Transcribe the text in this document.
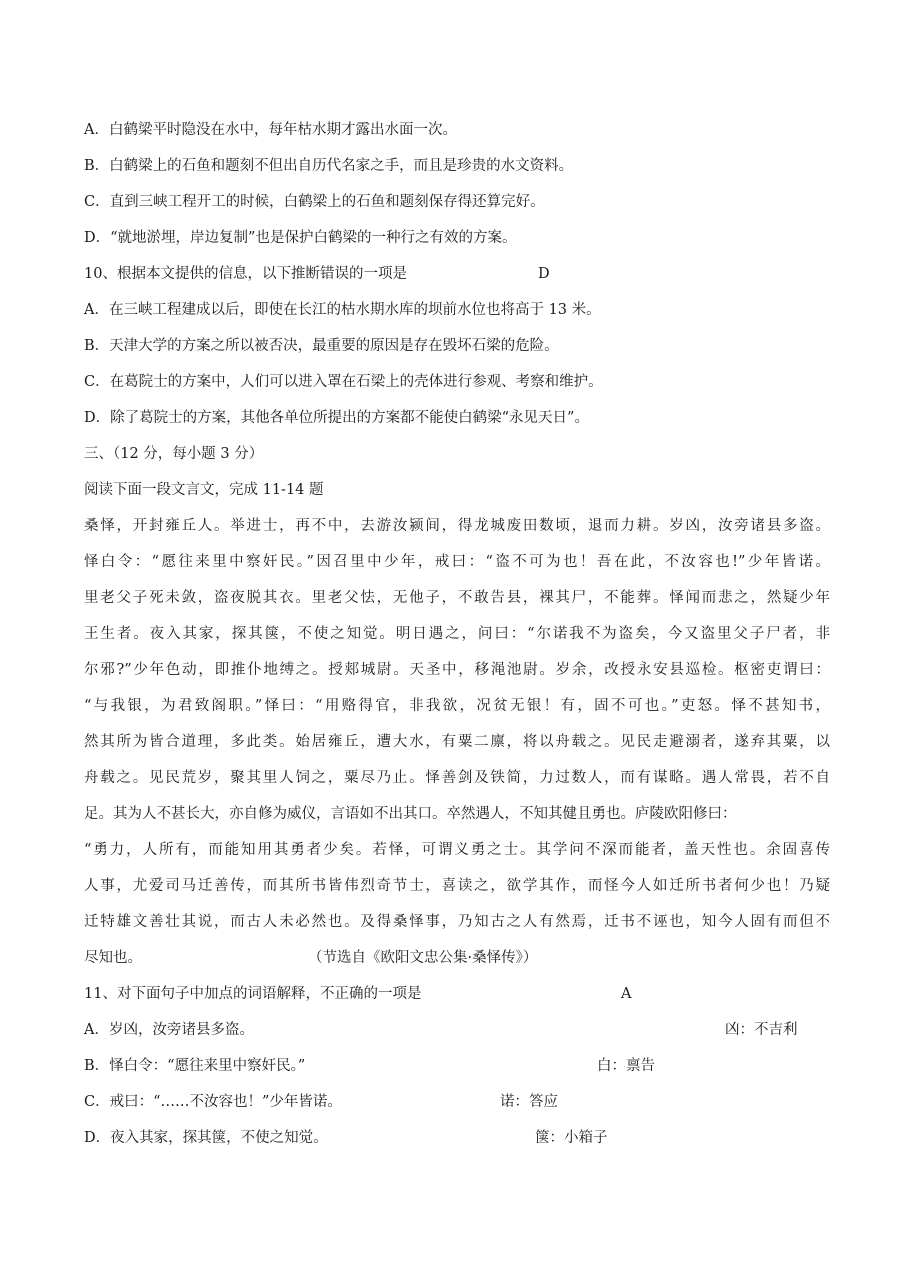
A．白鹤梁平时隐没在水中，每年枯水期才露出水面一次。
B．白鹤梁上的石鱼和题刻不但出自历代名家之手，而且是珍贵的水文资料。
C．直到三峡工程开工的时候，白鹤梁上的石鱼和题刻保存得还算完好。
D．“就地淤埋，岸边复制”也是保护白鹤梁的一种行之有效的方案。
10、根据本文提供的信息，以下推断错误的一项是	D
A．在三峡工程建成以后，即使在长江的枯水期水库的坝前水位也将高于 13 米。
B．天津大学的方案之所以被否决，最重要的原因是存在毁坏石梁的危险。
C．在葛院士的方案中，人们可以进入罩在石梁上的壳体进行参观、考察和维护。
D．除了葛院士的方案，其他各单位所提出的方案都不能使白鹤梁“永见天日”。
三、（12 分，每小题 3 分）
阅读下面一段文言文，完成 11-14 题
桑怿，开封雍丘人。举进士，再不中，去游汝颍间，得龙城废田数顷，退而力耕。岁凶，汝旁诸县多盗。
怿白令：“愿往来里中察奸民。”因召里中少年，戒曰：“盗不可为也！吾在此，不汝容也!”少年皆诺。
里老父子死未敛，盗夜脱其衣。里老父怯，无他子，不敢告县，裸其尸，不能葬。怿闻而悲之，然疑少年
王生者。夜入其家，探其箧，不使之知觉。明日遇之，问曰：“尔诺我不为盗矣，今又盗里父子尸者，非
尔邪?”少年色动，即推仆地缚之。授郏城尉。天圣中，移渑池尉。岁余，改授永安县巡检。枢密吏谓曰：
“与我银，为君致阁职。”怿曰：“用赂得官，非我欲，况贫无银！有，固不可也。”吏怒。怿不甚知书，
然其所为皆合道理，多此类。始居雍丘，遭大水，有粟二廪，将以舟载之。见民走避溺者，遂弃其粟，以
舟载之。见民荒岁，聚其里人饲之，粟尽乃止。怿善剑及铁简，力过数人，而有谋略。遇人常畏，若不自
足。其为人不甚长大，亦自修为威仪，言语如不出其口。卒然遇人，不知其健且勇也。庐陵欧阳修曰：
“勇力，人所有，而能知用其勇者少矣。若怿，可谓义勇之士。其学问不深而能者，盖天性也。余固喜传
人事，尤爱司马迁善传，而其所书皆伟烈奇节士，喜读之，欲学其作，而怪今人如迁所书者何少也！乃疑
迁特雄文善壮其说，而古人未必然也。及得桑怿事，乃知古之人有然焉，迁书不诬也，知今人固有而但不
尽知也。	（节选自《欧阳文忠公集·桑怿传》）
11、对下面句子中加点的词语解释，不正确的一项是	A
A．岁凶，汝旁诸县多盗。	凶：不吉利
B．怿白令：“愿往来里中察奸民。”	白：禀告
C．戒曰：“……不汝容也！”少年皆诺。	诺：答应
D．夜入其家，探其箧，不使之知觉。	箧：小箱子
